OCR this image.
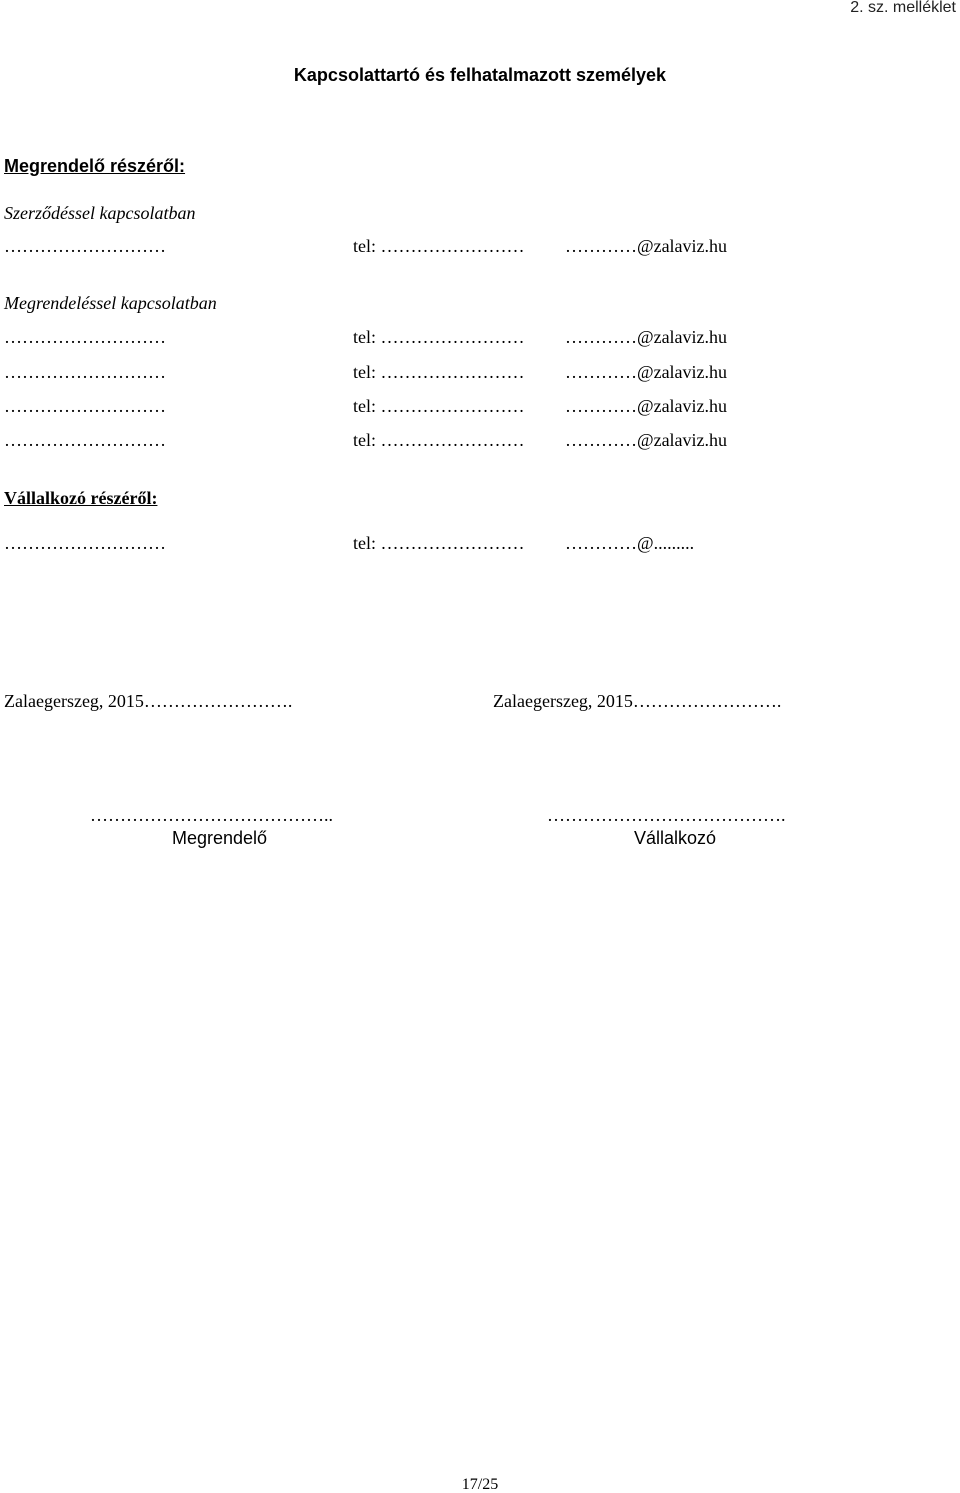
2. sz. melléklet
Kapcsolattartó és felhatalmazott személyek
Megrendelő részéről:
Szerződéssel kapcsolatban
………………………	tel: …………………… …………@zalaviz.hu
Megrendeléssel kapcsolatban
………………………	tel: …………………… …………@zalaviz.hu
………………………	tel: …………………… …………@zalaviz.hu
………………………	tel: …………………… …………@zalaviz.hu
………………………	tel: …………………… …………@zalaviz.hu
Vállalkozó részéről:
………………………	tel: …………………… …………@.........
Zalaegerszeg, 2015…………………….	Zalaegerszeg, 2015…………………….
…………………………………..
Megrendelő
………………………………….
Vállalkozó
17/25
